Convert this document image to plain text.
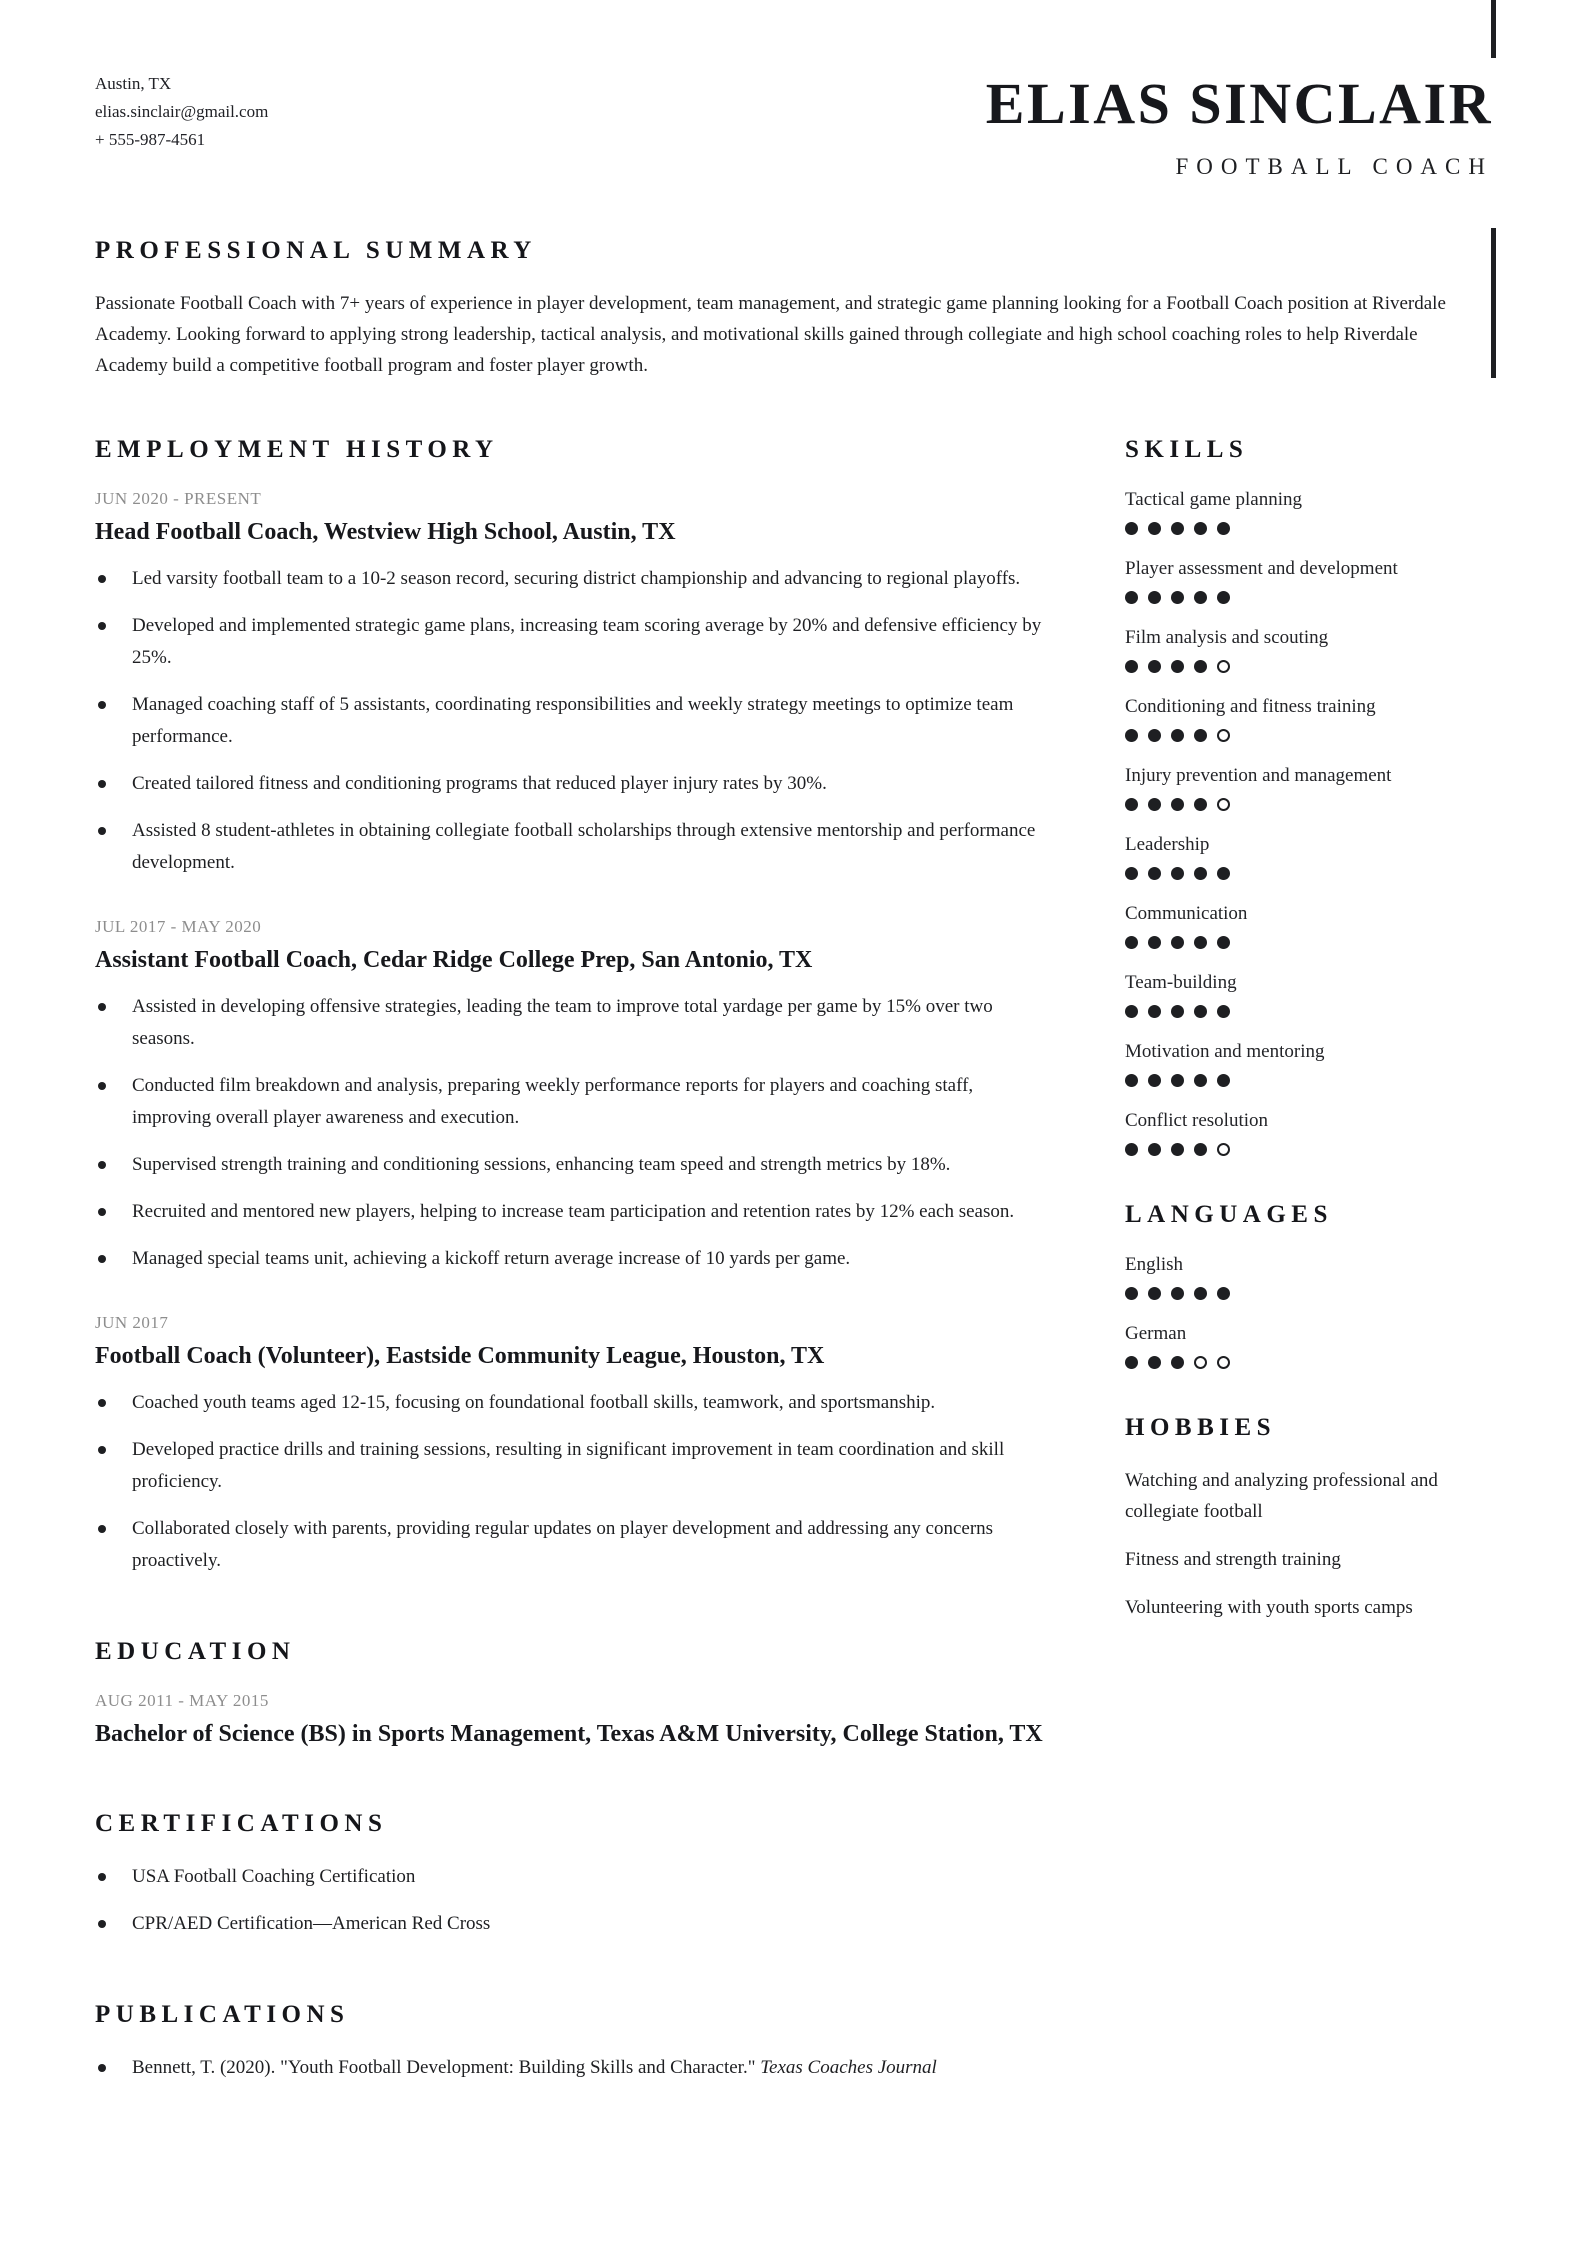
Austin, TX
elias.sinclair@gmail.com
+ 555-987-4561
ELIAS SINCLAIR
FOOTBALL COACH
PROFESSIONAL SUMMARY

Passionate Football Coach with 7+ years of experience in player development, team management, and strategic game planning looking for a Football Coach position at Riverdale Academy. Looking forward to applying strong leadership, tactical analysis, and motivational skills gained through collegiate and high school coaching roles to help Riverdale Academy build a competitive football program and foster player growth.

EMPLOYMENT HISTORY
JUN 2020 - PRESENT
Head Football Coach, Westview High School, Austin, TX
Led varsity football team to a 10-2 season record, securing district championship and advancing to regional playoffs.
Developed and implemented strategic game plans, increasing team scoring average by 20% and defensive efficiency by 25%.
Managed coaching staff of 5 assistants, coordinating responsibilities and weekly strategy meetings to optimize team performance.
Created tailored fitness and conditioning programs that reduced player injury rates by 30%.
Assisted 8 student-athletes in obtaining collegiate football scholarships through extensive mentorship and performance development.
JUL 2017 - MAY 2020
Assistant Football Coach, Cedar Ridge College Prep, San Antonio, TX
Assisted in developing offensive strategies, leading the team to improve total yardage per game by 15% over two seasons.
Conducted film breakdown and analysis, preparing weekly performance reports for players and coaching staff, improving overall player awareness and execution.
Supervised strength training and conditioning sessions, enhancing team speed and strength metrics by 18%.
Recruited and mentored new players, helping to increase team participation and retention rates by 12% each season.
Managed special teams unit, achieving a kickoff return average increase of 10 yards per game.
JUN 2017
Football Coach (Volunteer), Eastside Community League, Houston, TX
Coached youth teams aged 12-15, focusing on foundational football skills, teamwork, and sportsmanship.
Developed practice drills and training sessions, resulting in significant improvement in team coordination and skill proficiency.
Collaborated closely with parents, providing regular updates on player development and addressing any concerns proactively.
EDUCATION
AUG 2011 - MAY 2015
Bachelor of Science (BS) in Sports Management, Texas A&M University, College Station, TX
CERTIFICATIONS
USA Football Coaching Certification
CPR/AED Certification—American Red Cross
PUBLICATIONS
Bennett, T. (2020). "Youth Football Development: Building Skills and Character." Texas Coaches Journal
SKILLS
Tactical game planning
Player assessment and development
Film analysis and scouting
Conditioning and fitness training
Injury prevention and management
Leadership
Communication
Team-building
Motivation and mentoring
Conflict resolution
LANGUAGES
English
German
HOBBIES

Watching and analyzing professional and collegiate football

Fitness and strength training

Volunteering with youth sports camps
